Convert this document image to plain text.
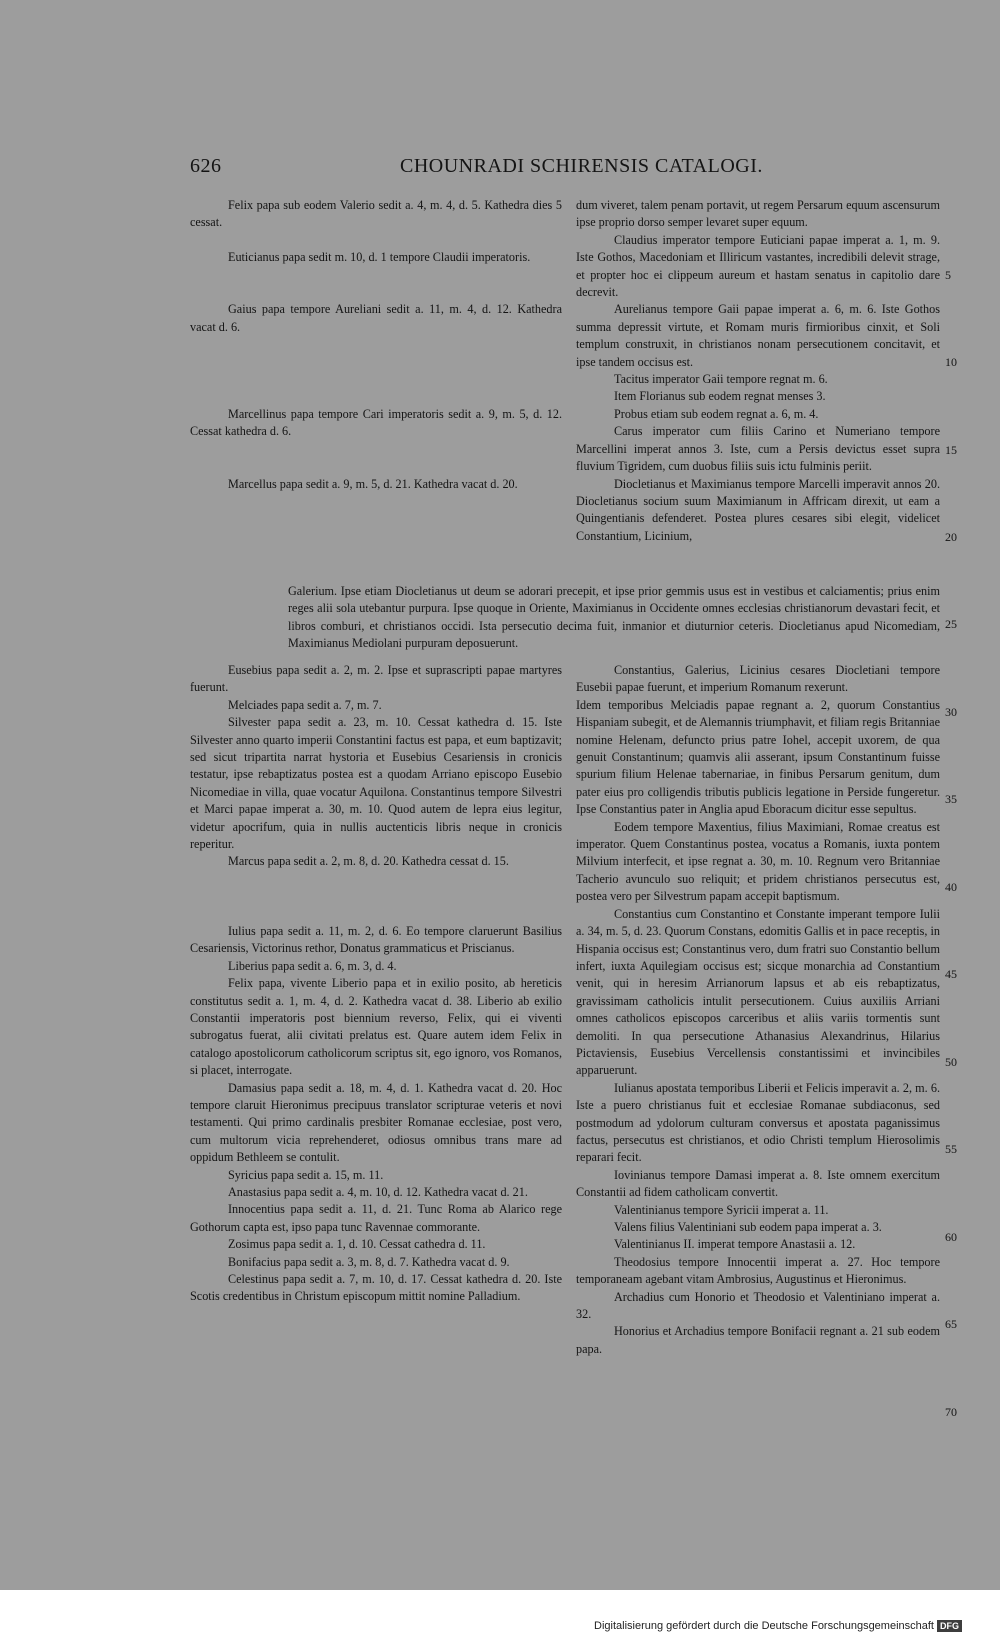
626	CHOUNRADI SCHIRENSIS CATALOGI.

Felix papa sub eodem Valerio sedit a. 4, m. 4, d. 5. Kathedra dies 5 cessat.

Euticianus papa sedit m. 10, d. 1 tempore Claudii imperatoris.

Gaius papa tempore Aureliani sedit a. 11, m. 4, d. 12. Kathedra vacat d. 6.

Marcellinus papa tempore Cari imperatoris sedit a. 9, m. 5, d. 12. Cessat kathedra d. 6.

Marcellus papa sedit a. 9, m. 5, d. 21. Kathedra vacat d. 20.

dum viveret, talem penam portavit, ut regem Persarum equum ascensurum ipse proprio dorso semper levaret super equum.

Claudius imperator tempore Euticiani papae imperat a. 1, m. 9. Iste Gothos, Macedoniam et Illiricum vastantes, incredibili delevit strage, et propter hoc ei clippeum aureum et hastam senatus in capitolio dare decrevit.

Aurelianus tempore Gaii papae imperat a. 6, m. 6. Iste Gothos summa depressit virtute, et Romam muris firmioribus cinxit, et Soli templum construxit, in christianos nonam persecutionem concitavit, et ipse tandem occisus est.

Tacitus imperator Gaii tempore regnat m. 6.

Item Florianus sub eodem regnat menses 3.

Probus etiam sub eodem regnat a. 6, m. 4.

Carus imperator cum filiis Carino et Numeriano tempore Marcellini imperat annos 3. Iste, cum a Persis devictus esset supra fluvium Tigridem, cum duobus filiis suis ictu fulminis periit.

Diocletianus et Maximianus tempore Marcelli imperavit annos 20. Diocletianus socium suum Maximianum in Affricam direxit, ut eam a Quingentianis defenderet. Postea plures cesares sibi elegit, videlicet Constantium, Licinium,

Galerium. Ipse etiam Diocletianus ut deum se adorari precepit, et ipse prior gemmis usus est in vestibus et calciamentis; prius enim reges alii sola utebantur purpura. Ipse quoque in Oriente, Maximianus in Occidente omnes ecclesias christianorum devastari fecit, et libros comburi, et christianos occidi. Ista persecutio decima fuit, inmanior et diuturnior ceteris. Diocletianus apud Nicomediam, Maximianus Mediolani purpuram deposuerunt.

Eusebius papa sedit a. 2, m. 2. Ipse et suprascripti papae martyres fuerunt.

Melciades papa sedit a. 7, m. 7.

Silvester papa sedit a. 23, m. 10. Cessat kathedra d. 15. Iste Silvester anno quarto imperii Constantini factus est papa, et eum baptizavit; sed sicut tripartita narrat hystoria et Eusebius Cesariensis in cronicis testatur, ipse rebaptizatus postea est a quodam Arriano episcopo Eusebio Nicomediae in villa, quae vocatur Aquilona. Constantinus tempore Silvestri et Marci papae imperat a. 30, m. 10. Quod autem de lepra eius legitur, videtur apocrifum, quia in nullis auctenticis libris neque in cronicis reperitur.

Marcus papa sedit a. 2, m. 8, d. 20. Kathedra cessat d. 15.

Iulius papa sedit a. 11, m. 2, d. 6. Eo tempore claruerunt Basilius Cesariensis, Victorinus rethor, Donatus grammaticus et Priscianus.

Liberius papa sedit a. 6, m. 3, d. 4.

Felix papa, vivente Liberio papa et in exilio posito, ab hereticis constitutus sedit a. 1, m. 4, d. 2. Kathedra vacat d. 38. Liberio ab exilio Constantii imperatoris post biennium reverso, Felix, qui ei viventi subrogatus fuerat, alii civitati prelatus est. Quare autem idem Felix in catalogo apostolicorum catholicorum scriptus sit, ego ignoro, vos Romanos, si placet, interrogate.

Damasius papa sedit a. 18, m. 4, d. 1. Kathedra vacat d. 20. Hoc tempore claruit Hieronimus precipuus translator scripturae veteris et novi testamenti. Qui primo cardinalis presbiter Romanae ecclesiae, post vero, cum multorum vicia reprehenderet, odiosus omnibus trans mare ad oppidum Bethleem se contulit.

Syricius papa sedit a. 15, m. 11.

Anastasius papa sedit a. 4, m. 10, d. 12. Kathedra vacat d. 21.

Innocentius papa sedit a. 11, d. 21. Tunc Roma ab Alarico rege Gothorum capta est, ipso papa tunc Ravennae commorante.

Zosimus papa sedit a. 1, d. 10. Cessat cathedra d. 11.

Bonifacius papa sedit a. 3, m. 8, d. 7. Kathedra vacat d. 9.

Celestinus papa sedit a. 7, m. 10, d. 17. Cessat kathedra d. 20. Iste Scotis credentibus in Christum episcopum mittit nomine Palladium.

Constantius, Galerius, Licinius cesares Diocletiani tempore Eusebii papae fuerunt, et imperium Romanum rexerunt.

Idem temporibus Melciadis papae regnant a. 2, quorum Constantius Hispaniam subegit, et de Alemannis triumphavit, et filiam regis Britanniae nomine Helenam, defuncto prius patre Iohel, accepit uxorem, de qua genuit Constantinum; quamvis alii asserant, ipsum Constantinum fuisse spurium filium Helenae tabernariae, in finibus Persarum genitum, dum pater eius pro colligendis tributis publicis legatione in Perside fungeretur. Ipse Constantius pater in Anglia apud Eboracum dicitur esse sepultus.

Eodem tempore Maxentius, filius Maximiani, Romae creatus est imperator. Quem Constantinus postea, vocatus a Romanis, iuxta pontem Milvium interfecit, et ipse regnat a. 30, m. 10. Regnum vero Britanniae Tacherio avunculo suo reliquit; et pridem christianos persecutus est, postea vero per Silvestrum papam accepit baptismum.

Constantius cum Constantino et Constante imperant tempore Iulii a. 34, m. 5, d. 23. Quorum Constans, edomitis Gallis et in pace receptis, in Hispania occisus est; Constantinus vero, dum fratri suo Constantio bellum infert, iuxta Aquilegiam occisus est; sicque monarchia ad Constantium venit, qui in heresim Arrianorum lapsus et ab eis rebaptizatus, gravissimam catholicis intulit persecutionem. Cuius auxiliis Arriani omnes catholicos episcopos carceribus et aliis variis tormentis sunt demoliti. In qua persecutione Athanasius Alexandrinus, Hilarius Pictaviensis, Eusebius Vercellensis constantissimi et invincibiles apparuerunt.

Iulianus apostata temporibus Liberii et Felicis imperavit a. 2, m. 6. Iste a puero christianus fuit et ecclesiae Romanae subdiaconus, sed postmodum ad ydolorum culturam conversus et apostata paganissimus factus, persecutus est christianos, et odio Christi templum Hierosolimis reparari fecit.

Iovinianus tempore Damasi imperat a. 8. Iste omnem exercitum Constantii ad fidem catholicam convertit.

Valentinianus tempore Syricii imperat a. 11.

Valens filius Valentiniani sub eodem papa imperat a. 3.

Valentinianus II. imperat tempore Anastasii a. 12.

Theodosius tempore Innocentii imperat a. 27. Hoc tempore temporaneam agebant vitam Ambrosius, Augustinus et Hieronimus.

Archadius cum Honorio et Theodosio et Valentiniano imperat a. 32.

Honorius et Archadius tempore Bonifacii regnant a. 21 sub eodem papa.

5
10
15
20
25
30
35
40
45
50
55
60
65
70
Digitalisierung gefördert durch die Deutsche Forschungsgemeinschaft DFG
